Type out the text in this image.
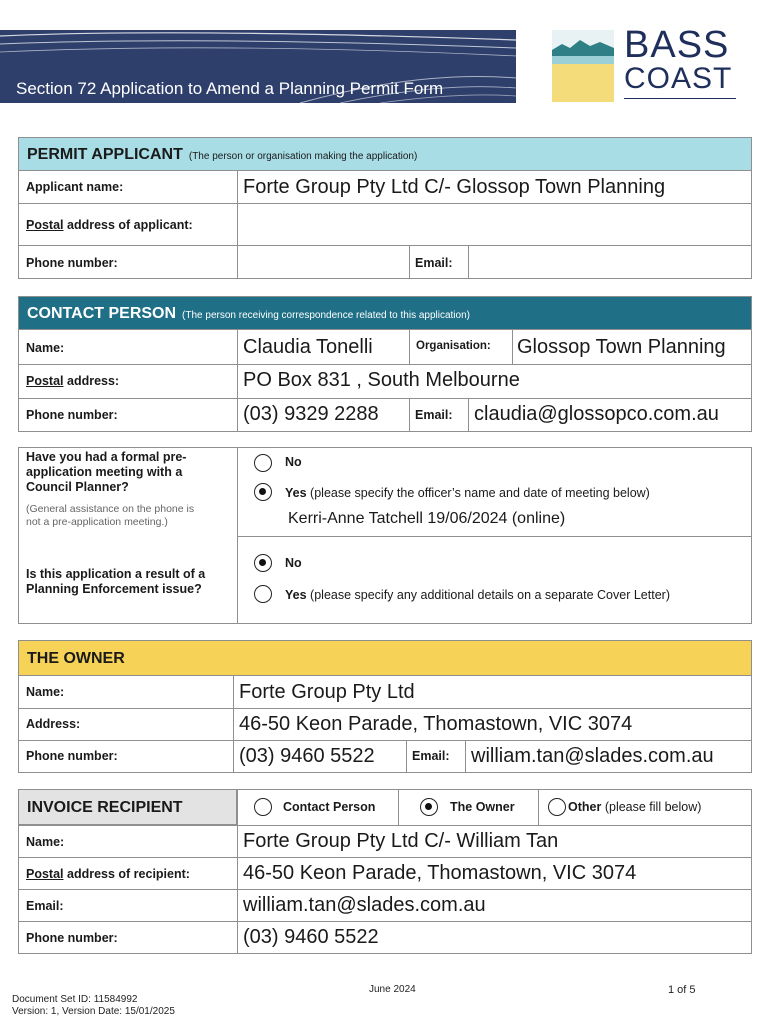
Section 72 Application to Amend a Planning Permit Form
BASS
COAST
PERMIT APPLICANT (The person or organisation making the application)
Applicant name:	Forte Group Pty Ltd C/- Glossop Town Planning
Postal address of applicant:
Phone number:	Email:
CONTACT PERSON (The person receiving correspondence related to this application)
Name:	Claudia Tonelli	Organisation: Glossop Town Planning
Postal address:	PO Box 831 , South Melbourne
Phone number:	(03) 9329 2288	Email: claudia@glossopco.com.au
Have you had a formal pre-
application meeting with a
Council Planner?
(General assistance on the phone is
not a pre-application meeting.)
No
Yes (please specify the officer’s name and date of meeting below)
Kerri-Anne Tatchell 19/06/2024 (online)
Is this application a result of a
Planning Enforcement issue?
No
Yes (please specify any additional details on a separate Cover Letter)
THE OWNER
Name:	Forte Group Pty Ltd
Address:	46-50 Keon Parade, Thomastown, VIC 3074
Phone number:	(03) 9460 5522	Email: william.tan@slades.com.au
INVOICE RECIPIENT	Contact Person	The Owner	Other (please fill below)
Name:	Forte Group Pty Ltd C/- William Tan
Postal address of recipient:	46-50 Keon Parade, Thomastown, VIC 3074
Email:	william.tan@slades.com.au
Phone number:	(03) 9460 5522
June 2024	1 of 5
Document Set ID: 11584992
Version: 1, Version Date: 15/01/2025
